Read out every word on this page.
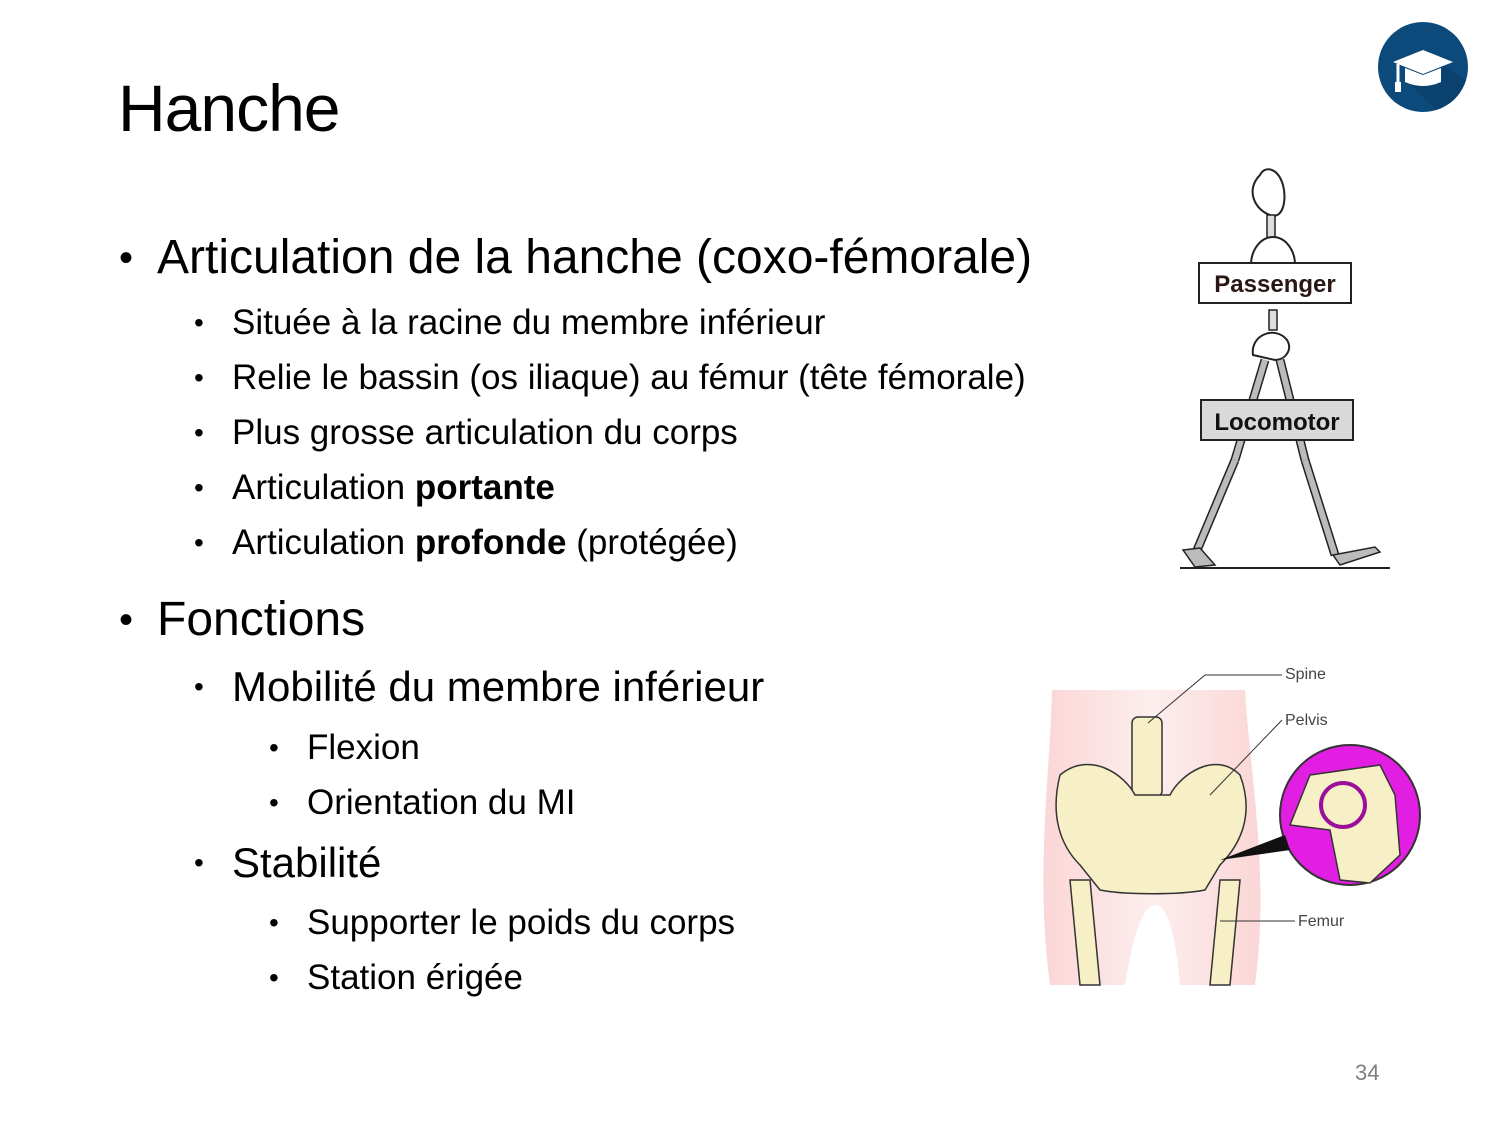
Hanche
• Articulation de la hanche (coxo-fémorale)
• Située à la racine du membre inférieur
• Relie le bassin (os iliaque) au fémur (tête fémorale)
• Plus grosse articulation du corps
• Articulation portante
• Articulation profonde (protégée)
• Fonctions
• Mobilité du membre inférieur
• Flexion
• Orientation du MI
• Stabilité
• Supporter le poids du corps
• Station érigée
Passenger
Locomotor
Spine
Pelvis
Femur
34
